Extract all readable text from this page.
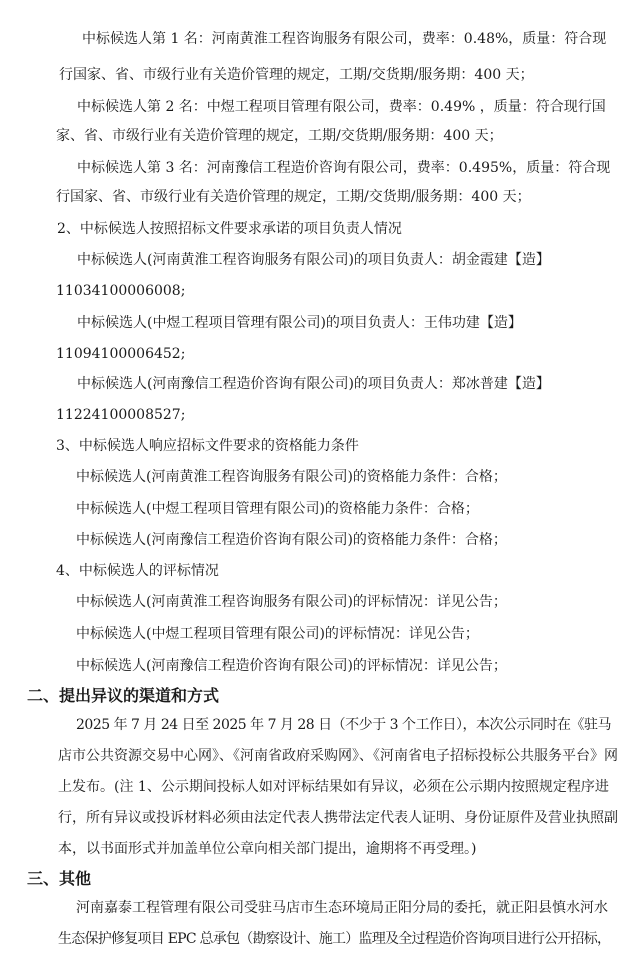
中标候选人第 1 名：河南黄淮工程咨询服务有限公司，费率：0.48%，质量：符合现
行国家、省、市级行业有关造价管理的规定，工期/交货期/服务期：400 天；
中标候选人第 2 名：中煜工程项目管理有限公司，费率：0.49% ，质量：符合现行国
家、省、市级行业有关造价管理的规定，工期/交货期/服务期：400 天；
中标候选人第 3 名：河南豫信工程造价咨询有限公司，费率：0.495%，质量：符合现
行国家、省、市级行业有关造价管理的规定，工期/交货期/服务期：400 天；
2、中标候选人按照招标文件要求承诺的项目负责人情况
中标候选人(河南黄淮工程咨询服务有限公司)的项目负责人：胡金霞建【造】
11034100006008;
中标候选人(中煜工程项目管理有限公司)的项目负责人：王伟功建【造】
11094100006452;
中标候选人(河南豫信工程造价咨询有限公司)的项目负责人：郑冰普建【造】
11224100008527;
3、中标候选人响应招标文件要求的资格能力条件
中标候选人(河南黄淮工程咨询服务有限公司)的资格能力条件：合格；
中标候选人(中煜工程项目管理有限公司)的资格能力条件：合格；
中标候选人(河南豫信工程造价咨询有限公司)的资格能力条件：合格；
4、中标候选人的评标情况
中标候选人(河南黄淮工程咨询服务有限公司)的评标情况：详见公告；
中标候选人(中煜工程项目管理有限公司)的评标情况：详见公告；
中标候选人(河南豫信工程造价咨询有限公司)的评标情况：详见公告；
二、提出异议的渠道和方式
2025 年 7 月 24 日至 2025 年 7 月 28 日（不少于 3 个工作日），本次公示同时在《驻马
店市公共资源交易中心网》、《河南省政府采购网》、《河南省电子招标投标公共服务平台》网
上发布。(注 1、公示期间投标人如对评标结果如有异议，必须在公示期内按照规定程序进
行，所有异议或投诉材料必须由法定代表人携带法定代表人证明、身份证原件及营业执照副
本，以书面形式并加盖单位公章向相关部门提出，逾期将不再受理。)
三、其他
河南嘉泰工程管理有限公司受驻马店市生态环境局正阳分局的委托，就正阳县慎水河水
生态保护修复项目 EPC 总承包（勘察设计、施工）监理及全过程造价咨询项目进行公开招标，
